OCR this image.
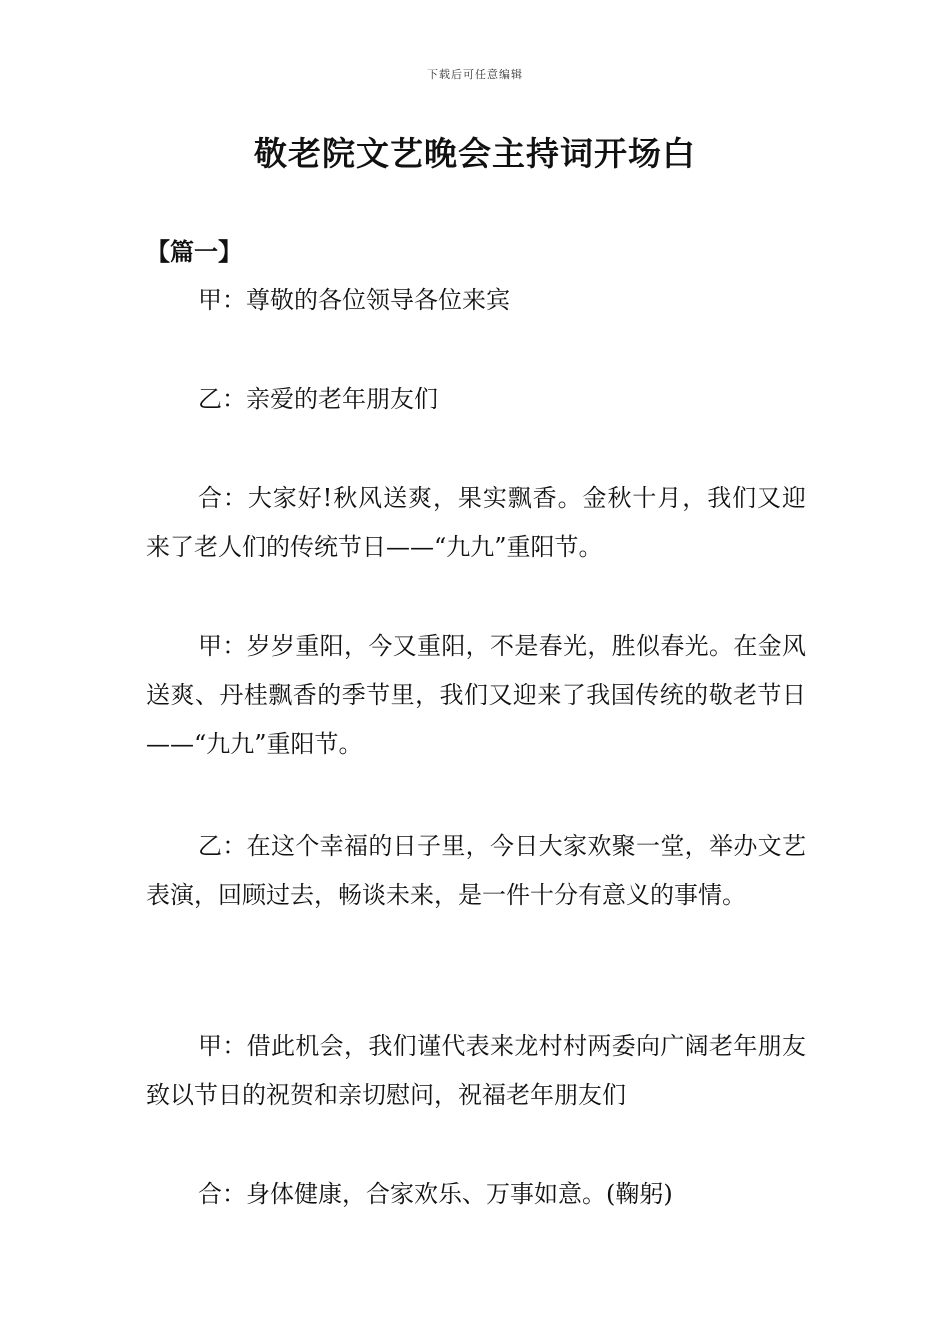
下载后可任意编辑
敬老院文艺晚会主持词开场白
【篇一】

甲：尊敬的各位领导各位来宾

乙：亲爱的老年朋友们

合：大家好!秋风送爽，果实飘香。金秋十月，我们又迎来了老人们的传统节日——“九九”重阳节。

甲：岁岁重阳，今又重阳，不是春光，胜似春光。在金风送爽、丹桂飘香的季节里，我们又迎来了我国传统的敬老节日——“九九”重阳节。

乙：在这个幸福的日子里，今日大家欢聚一堂，举办文艺表演，回顾过去，畅谈未来，是一件十分有意义的事情。

甲：借此机会，我们谨代表来龙村村两委向广阔老年朋友致以节日的祝贺和亲切慰问，祝福老年朋友们

合：身体健康，合家欢乐、万事如意。(鞠躬)
